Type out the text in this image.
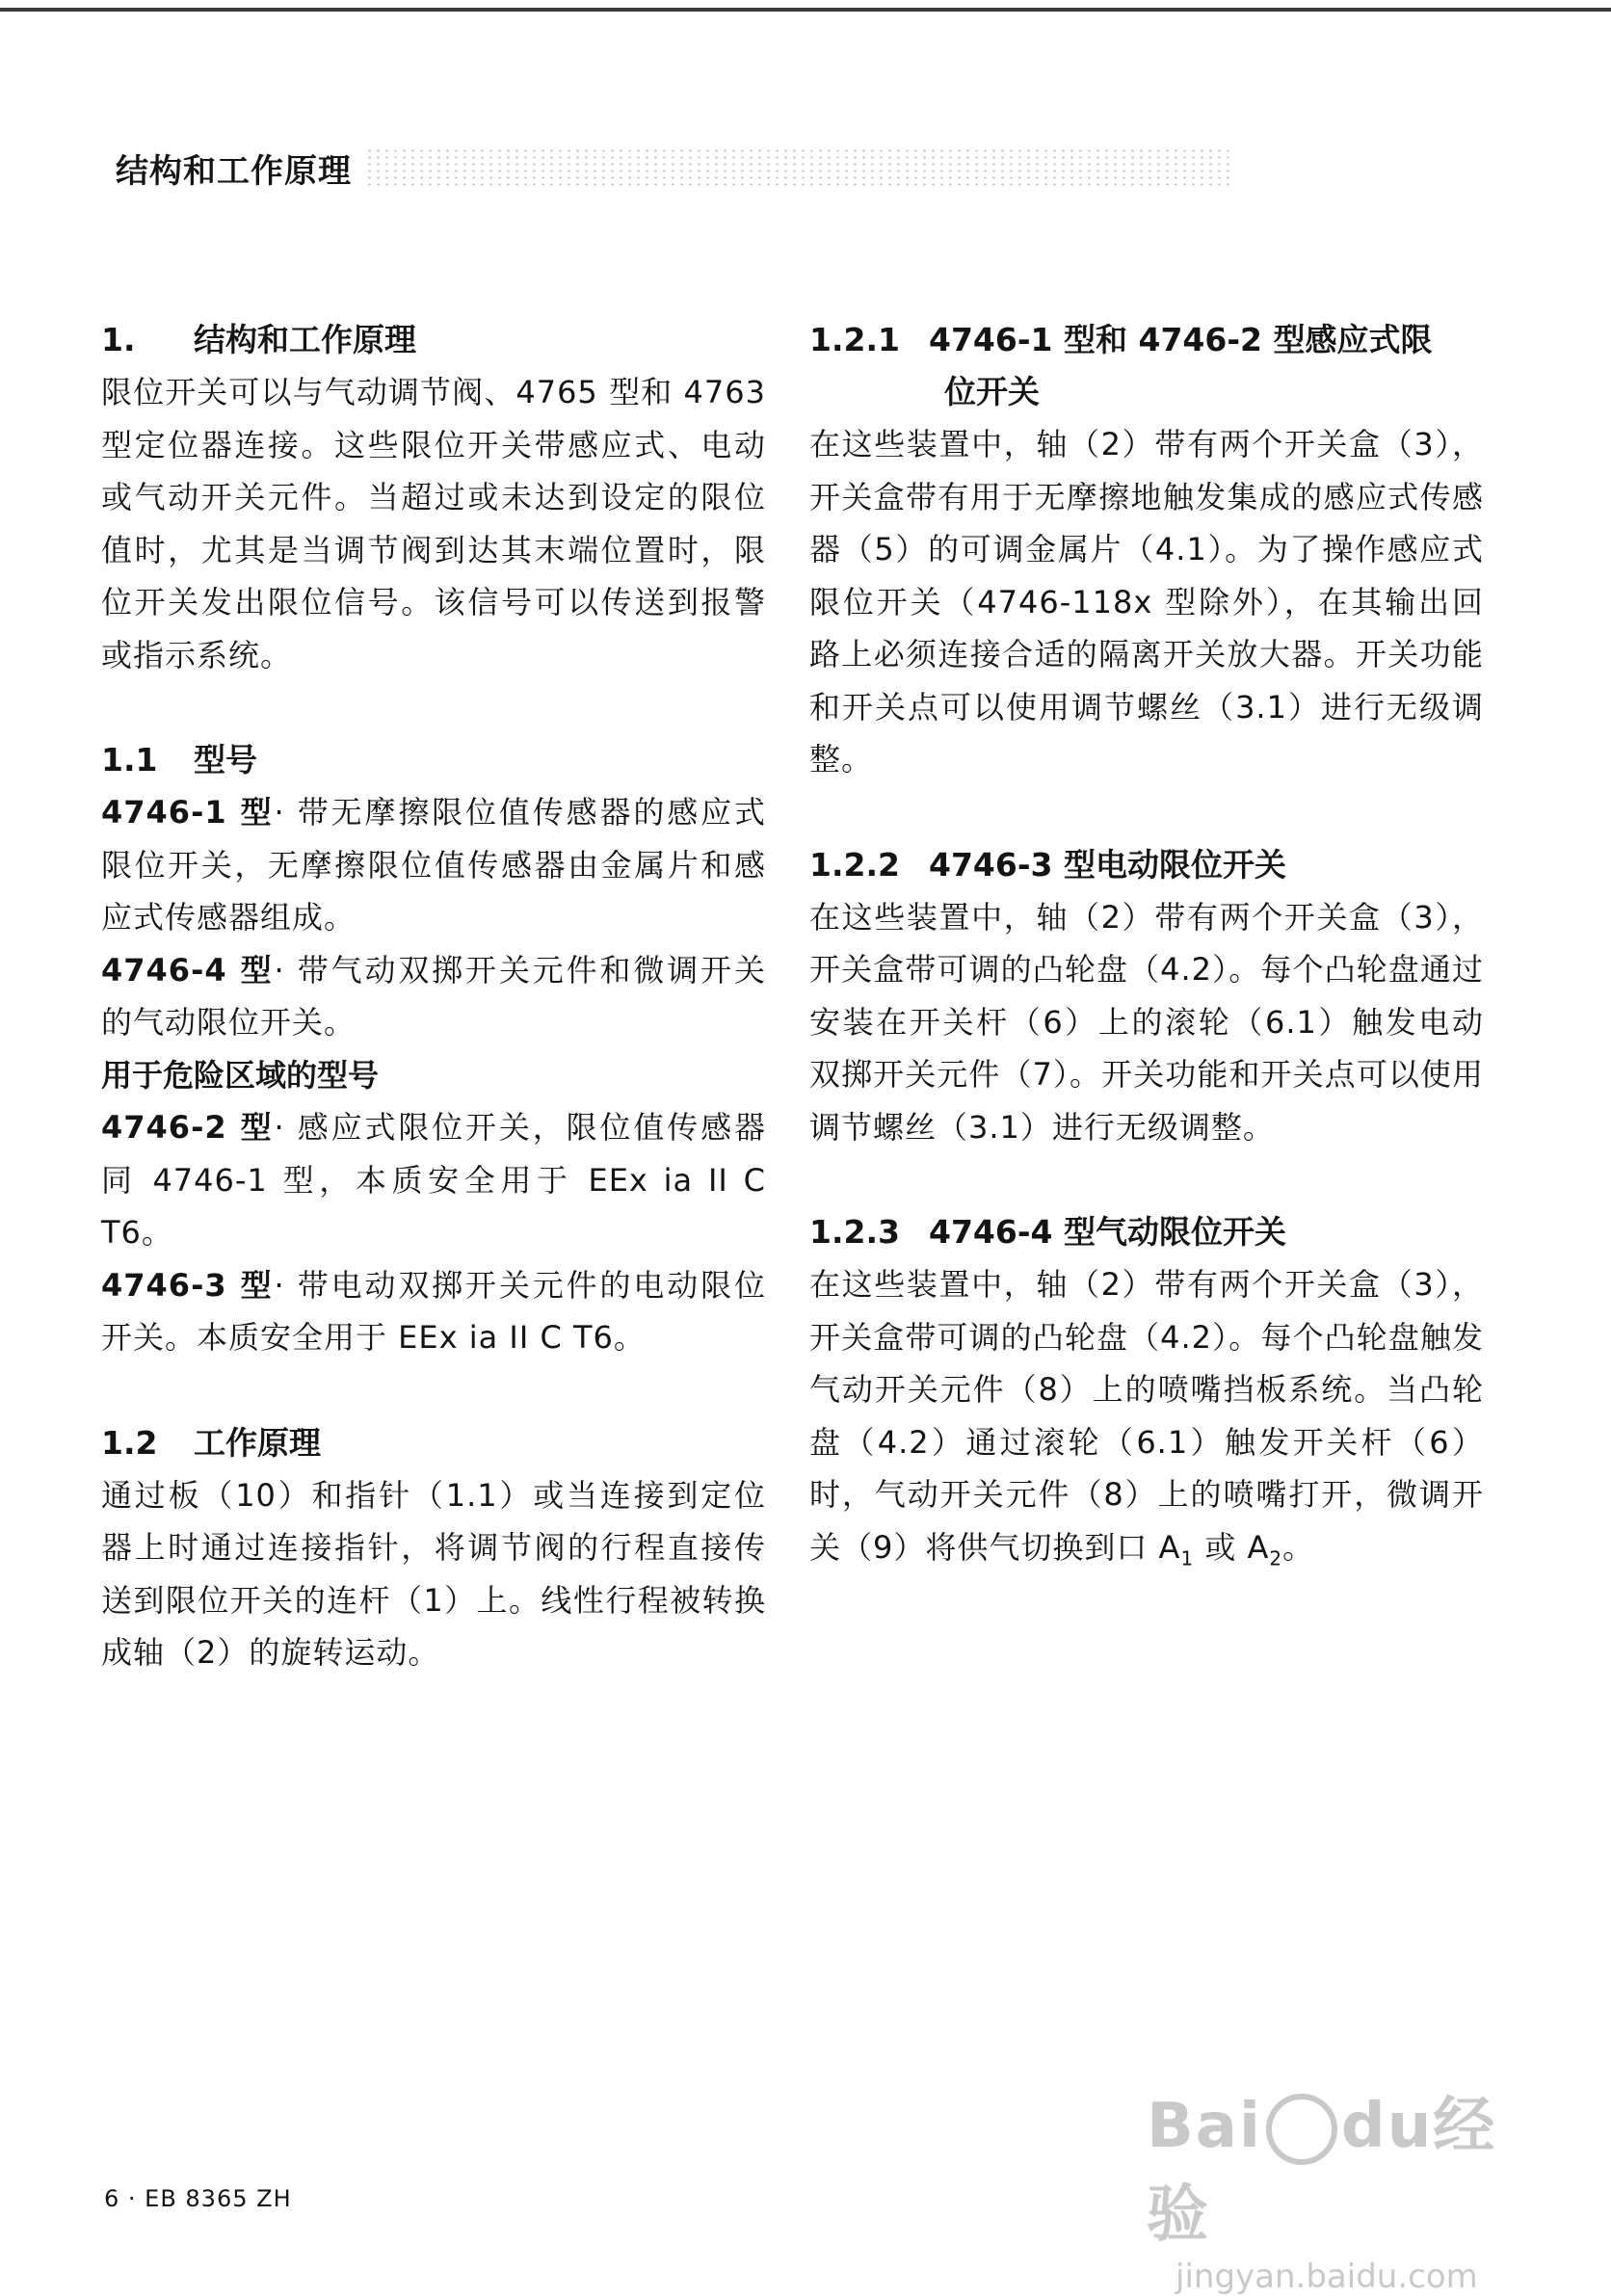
结构和工作原理

1. 结构和工作原理

限位开关可以与气动调节阀、4765 型和 4763 型定位器连接。这些限位开关带感应式、电动或气动开关元件。当超过或未达到设定的限位值时，尤其是当调节阀到达其末端位置时，限位开关发出限位信号。该信号可以传送到报警或指示系统。

1.1 型号

4746-1 型· 带无摩擦限位值传感器的感应式限位开关，无摩擦限位值传感器由金属片和感应式传感器组成。

4746-4 型· 带气动双掷开关元件和微调开关的气动限位开关。

用于危险区域的型号

4746-2 型· 感应式限位开关，限位值传感器同 4746-1 型，本质安全用于 EEx ia II C T6。

4746-3 型· 带电动双掷开关元件的电动限位开关。本质安全用于 EEx ia II C T6。

1.2 工作原理

通过板（10）和指针（1.1）或当连接到定位器上时通过连接指针，将调节阀的行程直接传送到限位开关的连杆（1）上。线性行程被转换成轴（2）的旋转运动。

1.2.1 4746-1 型和 4746-2 型感应式限
位开关

在这些装置中，轴（2）带有两个开关盒（3），开关盒带有用于无摩擦地触发集成的感应式传感器（5）的可调金属片（4.1）。为了操作感应式限位开关（4746-118x 型除外），在其输出回路上必须连接合适的隔离开关放大器。开关功能和开关点可以使用调节螺丝（3.1）进行无级调整。

1.2.2 4746-3 型电动限位开关

在这些装置中，轴（2）带有两个开关盒（3），开关盒带可调的凸轮盘（4.2）。每个凸轮盘通过安装在开关杆（6）上的滚轮（6.1）触发电动双掷开关元件（7）。开关功能和开关点可以使用调节螺丝（3.1）进行无级调整。

1.2.3 4746-4 型气动限位开关

在这些装置中，轴（2）带有两个开关盒（3），开关盒带可调的凸轮盘（4.2）。每个凸轮盘触发气动开关元件（8）上的喷嘴挡板系统。当凸轮盘（4.2）通过滚轮（6.1）触发开关杆（6）时，气动开关元件（8）上的喷嘴打开，微调开关（9）将供气切换到口 $A_1$ 或 $A_2$。

6 · EB 8365 ZH
Bai du经验
jingyan.baidu.com
